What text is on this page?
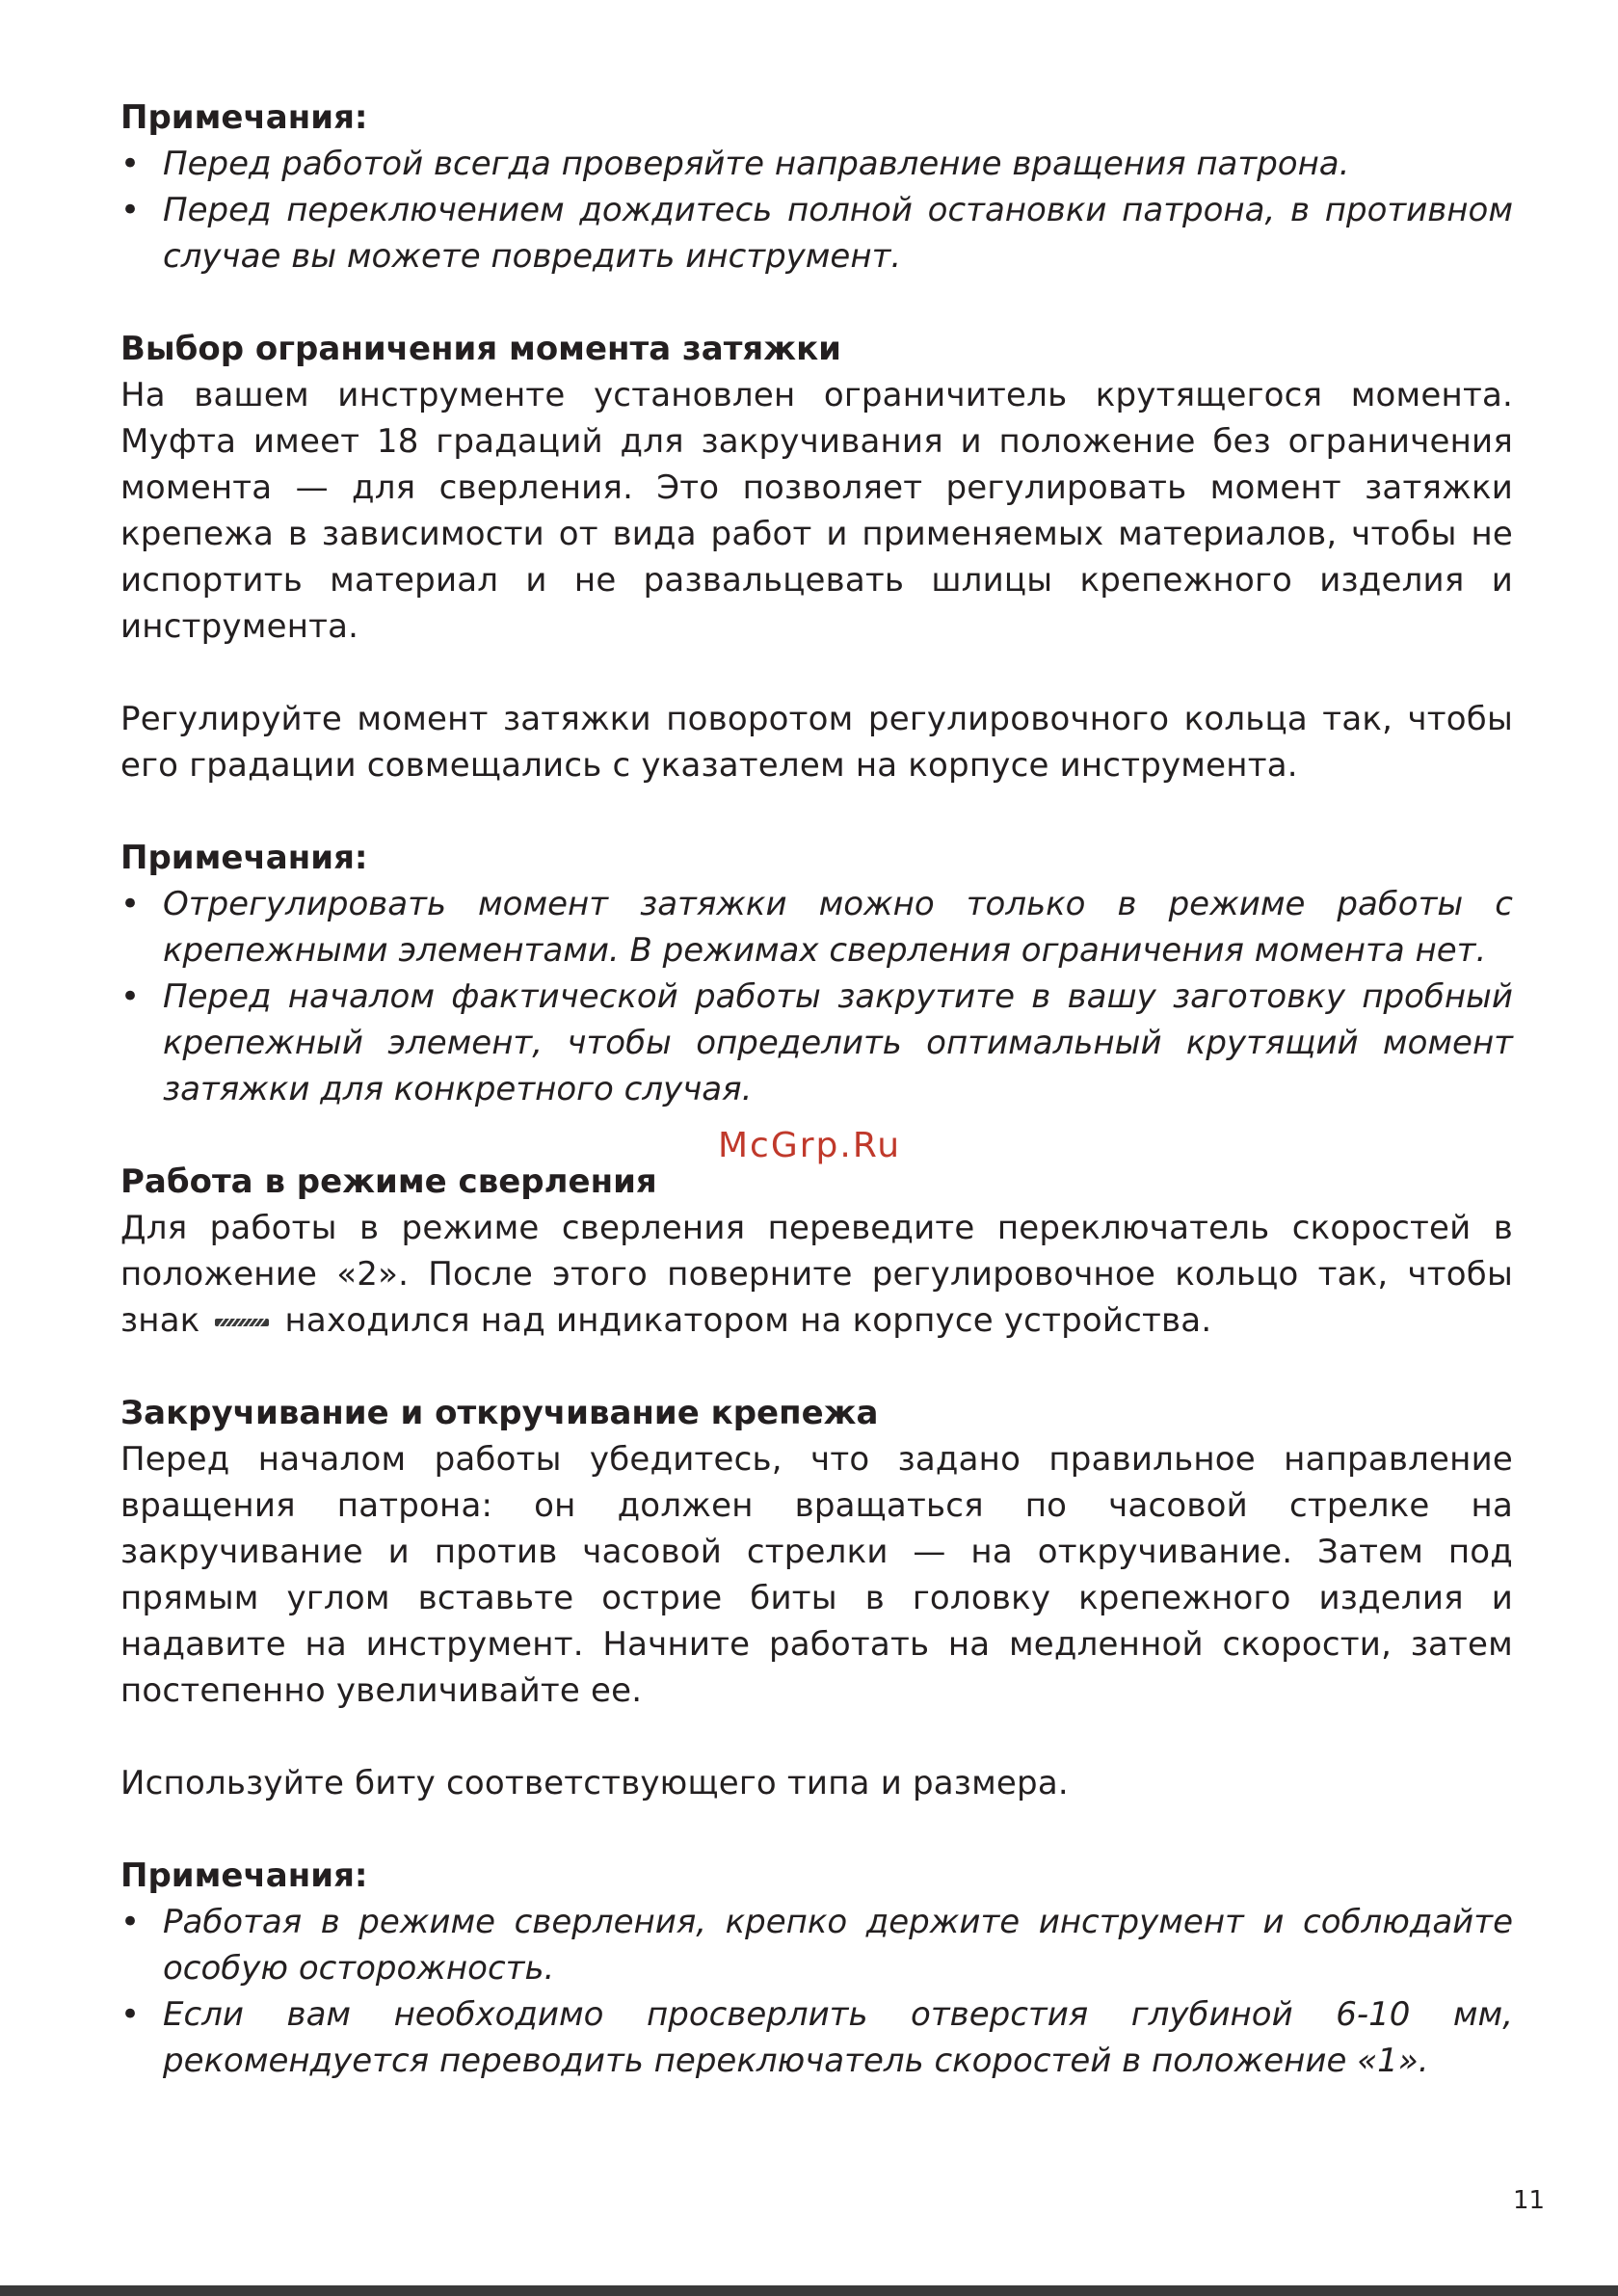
Примечания:

• Перед работой всегда проверяйте направление вращения патрона.
• Перед переключением дождитесь полной остановки патрона, в противном случае вы можете повредить инструмент.

Выбор ограничения момента затяжки

На вашем инструменте установлен ограничитель крутящегося момента. Муфта имеет 18 градаций для закручивания и положение без ограничения момента — для сверления. Это позволяет регулировать момент затяжки крепежа в зависимости от вида работ и применяемых материалов, чтобы не испортить материал и не развальцевать шлицы крепежного изделия и инструмента.

Регулируйте момент затяжки поворотом регулировочного кольца так, чтобы его градации совмещались с указателем на корпусе инструмента.

Примечания:

• Отрегулировать момент затяжки можно только в режиме работы с крепежными элементами. В режимах сверления ограничения момента нет.
• Перед началом фактической работы закрутите в вашу заготовку пробный крепежный элемент, чтобы определить оптимальный крутящий момент затяжки для конкретного случая.

Работа в режиме сверления

Для работы в режиме сверления переведите переключатель скоростей в положение «2». После этого поверните регулировочное кольцо так, чтобы знак	находился над индикатором на корпусе устройства.

Закручивание и откручивание крепежа

Перед началом работы убедитесь, что задано правильное направление вращения патрона: он должен вращаться по часовой стрелке на закручивание и против часовой стрелки — на откручивание. Затем под прямым углом вставьте острие биты в головку крепежного изделия и надавите на инструмент. Начните работать на медленной скорости, затем постепенно увеличивайте ее.

Используйте биту соответствующего типа и размера.

Примечания:

• Работая в режиме сверления, крепко держите инструмент и соблюдайте особую осторожность.
• Если вам необходимо просверлить отверстия глубиной 6-10 мм, рекомендуется переводить переключатель скоростей в положение «1».
McGrp.Ru
11
